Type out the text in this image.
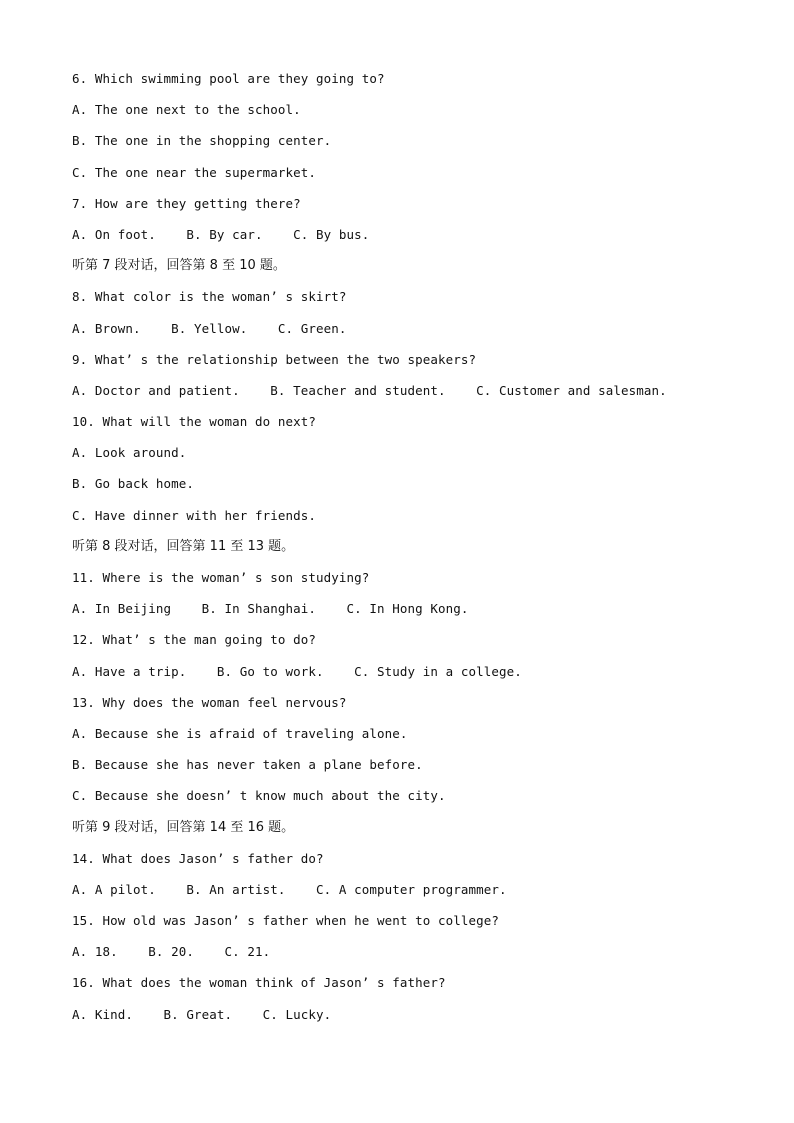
6. Which swimming pool are they going to?
A. The one next to the school.
B. The one in the shopping center.
C. The one near the supermarket.
7. How are they getting there?
A. On foot.    B. By car.    C. By bus.
听第 7 段对话，回答第 8 至 10 题。
8. What color is the woman’ s skirt?
A. Brown.    B. Yellow.    C. Green.
9. What’ s the relationship between the two speakers?
A. Doctor and patient.    B. Teacher and student.    C. Customer and salesman.
10. What will the woman do next?
A. Look around.
B. Go back home.
C. Have dinner with her friends.
听第 8 段对话，回答第 11 至 13 题。
11. Where is the woman’ s son studying?
A. In Beijing    B. In Shanghai.    C. In Hong Kong.
12. What’ s the man going to do?
A. Have a trip.    B. Go to work.    C. Study in a college.
13. Why does the woman feel nervous?
A. Because she is afraid of traveling alone.
B. Because she has never taken a plane before.
C. Because she doesn’ t know much about the city.
听第 9 段对话，回答第 14 至 16 题。
14. What does Jason’ s father do?
A. A pilot.    B. An artist.    C. A computer programmer.
15. How old was Jason’ s father when he went to college?
A. 18.    B. 20.    C. 21.
16. What does the woman think of Jason’ s father?
A. Kind.    B. Great.    C. Lucky.
